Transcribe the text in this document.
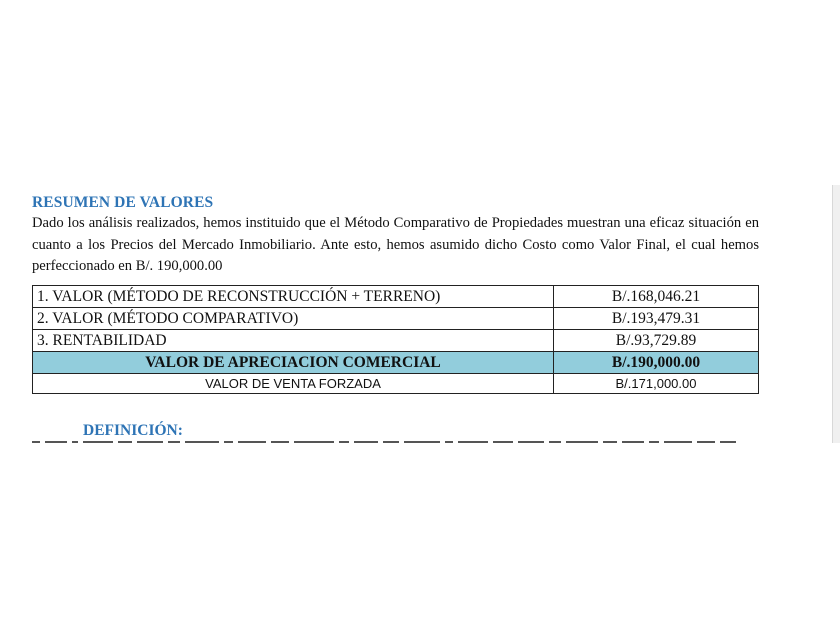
RESUMEN DE VALORES

Dado los análisis realizados, hemos instituido que el Método Comparativo de Propiedades muestran una eficaz situación en cuanto a los Precios del Mercado Inmobiliario. Ante esto, hemos asumido dicho Costo como Valor Final, el cual hemos perfeccionado en B/. 190,000.00

1. VALOR (MÉTODO DE RECONSTRUCCIÓN + TERRENO)	B/.168,046.21
2. VALOR (MÉTODO COMPARATIVO)	B/.193,479.31
3. RENTABILIDAD	B/.93,729.89
VALOR DE APRECIACION COMERCIAL	B/.190,000.00
VALOR DE VENTA FORZADA	B/.171,000.00
DEFINICIÓN:
